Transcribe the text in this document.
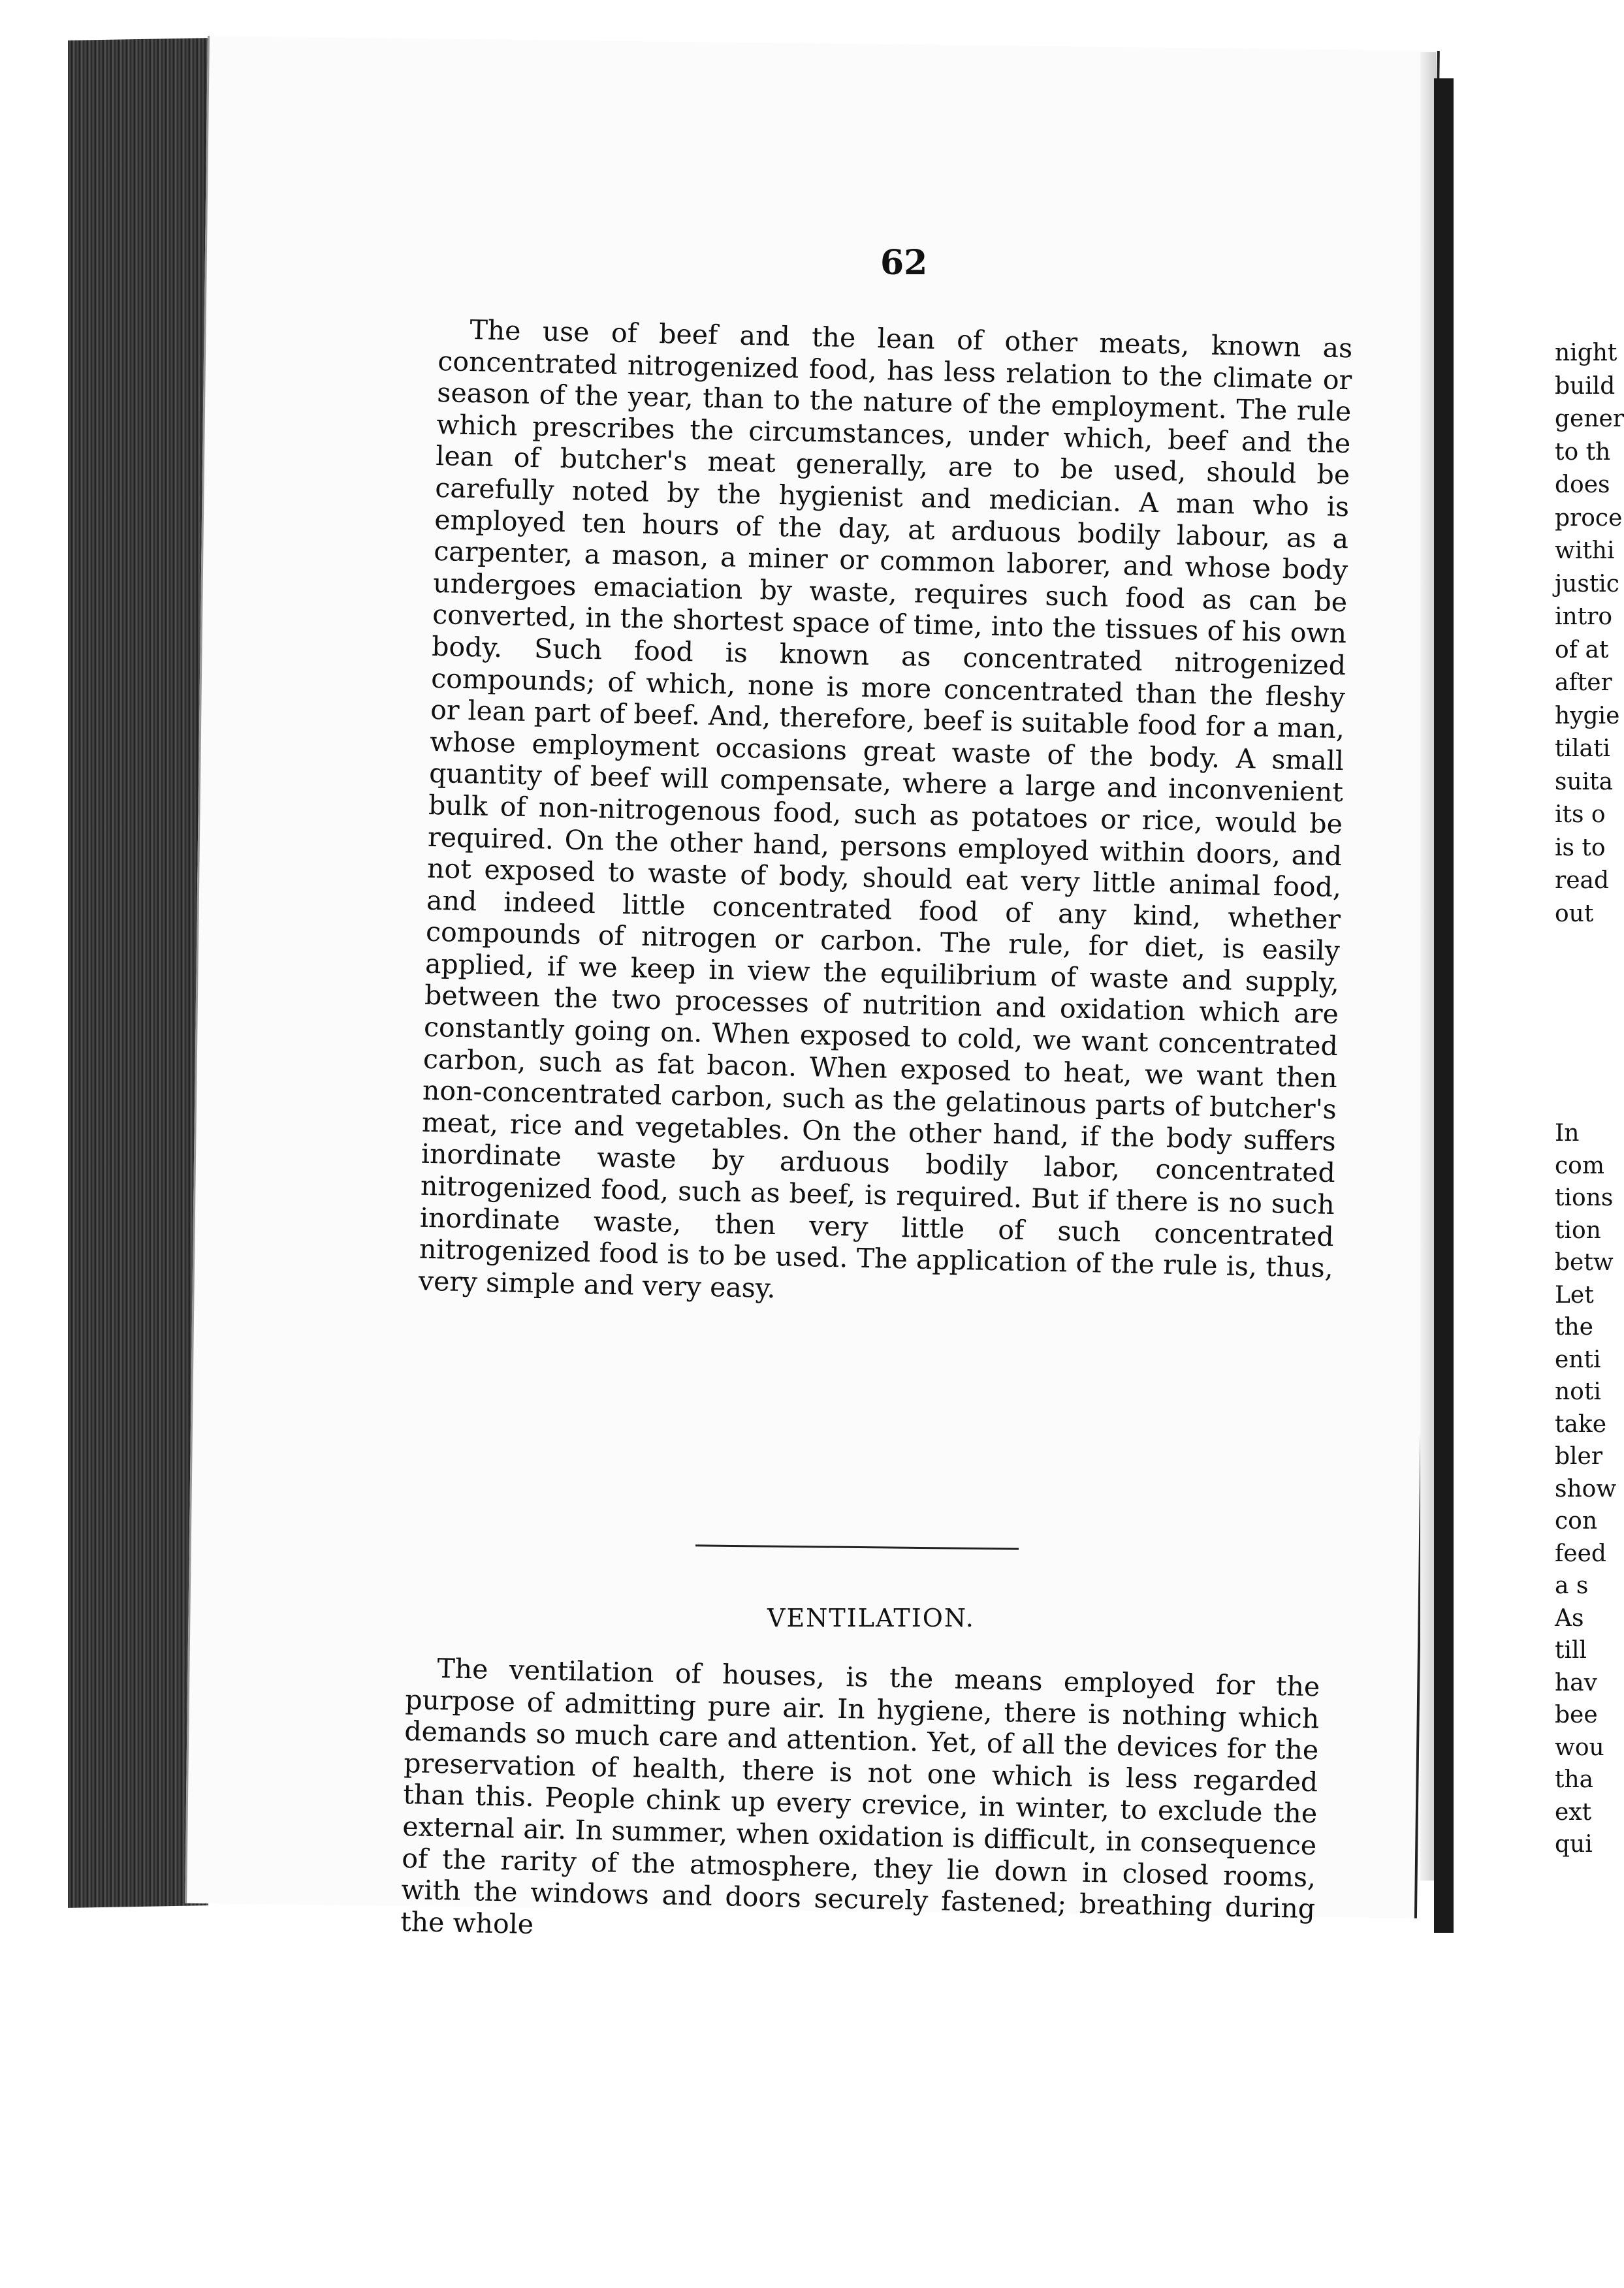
night
build
gener
to th
does
proce
withi
justic
intro
of at
after
hygie
tilati
suita
its o
is to
read
out
In
com
tions
tion
betw
Let
the
enti
noti
take
bler
show
con
feed
a s
As
till
hav
bee
wou
tha
ext
qui
62

The use of beef and the lean of other meats, known as concentrated nitrogenized food, has less relation to the climate or season of the year, than to the nature of the employment. The rule which prescribes the circumstances, under which, beef and the lean of butcher's meat generally, are to be used, should be carefully noted by the hygienist and medician. A man who is employed ten hours of the day, at arduous bodily labour, as a carpenter, a mason, a miner or common laborer, and whose body undergoes emaciation by waste, requires such food as can be converted, in the shortest space of time, into the tissues of his own body. Such food is known as concentrated nitrogenized compounds; of which, none is more concentrated than the fleshy or lean part of beef. And, therefore, beef is suitable food for a man, whose employment occasions great waste of the body. A small quantity of beef will compensate, where a large and inconvenient bulk of non-nitrogenous food, such as potatoes or rice, would be required. On the other hand, persons employed within doors, and not exposed to waste of body, should eat very little animal food, and indeed little concentrated food of any kind, whether compounds of nitrogen or carbon. The rule, for diet, is easily applied, if we keep in view the equilibrium of waste and supply, between the two processes of nutrition and oxidation which are constantly going on. When exposed to cold, we want concentrated carbon, such as fat bacon. When exposed to heat, we want then non-concentrated carbon, such as the gelatinous parts of butcher's meat, rice and vegetables. On the other hand, if the body suffers inordinate waste by arduous bodily labor, concentrated nitrogenized food, such as beef, is required. But if there is no such inordinate waste, then very little of such concentrated nitrogenized food is to be used. The application of the rule is, thus, very simple and very easy.

VENTILATION.

The ventilation of houses, is the means employed for the purpose of admitting pure air. In hygiene, there is nothing which demands so much care and attention. Yet, of all the devices for the preservation of health, there is not one which is less regarded than this. People chink up every crevice, in winter, to exclude the external air. In summer, when oxidation is difficult, in consequence of the rarity of the atmosphere, they lie down in closed rooms, with the windows and doors securely fastened; breathing during the whole
